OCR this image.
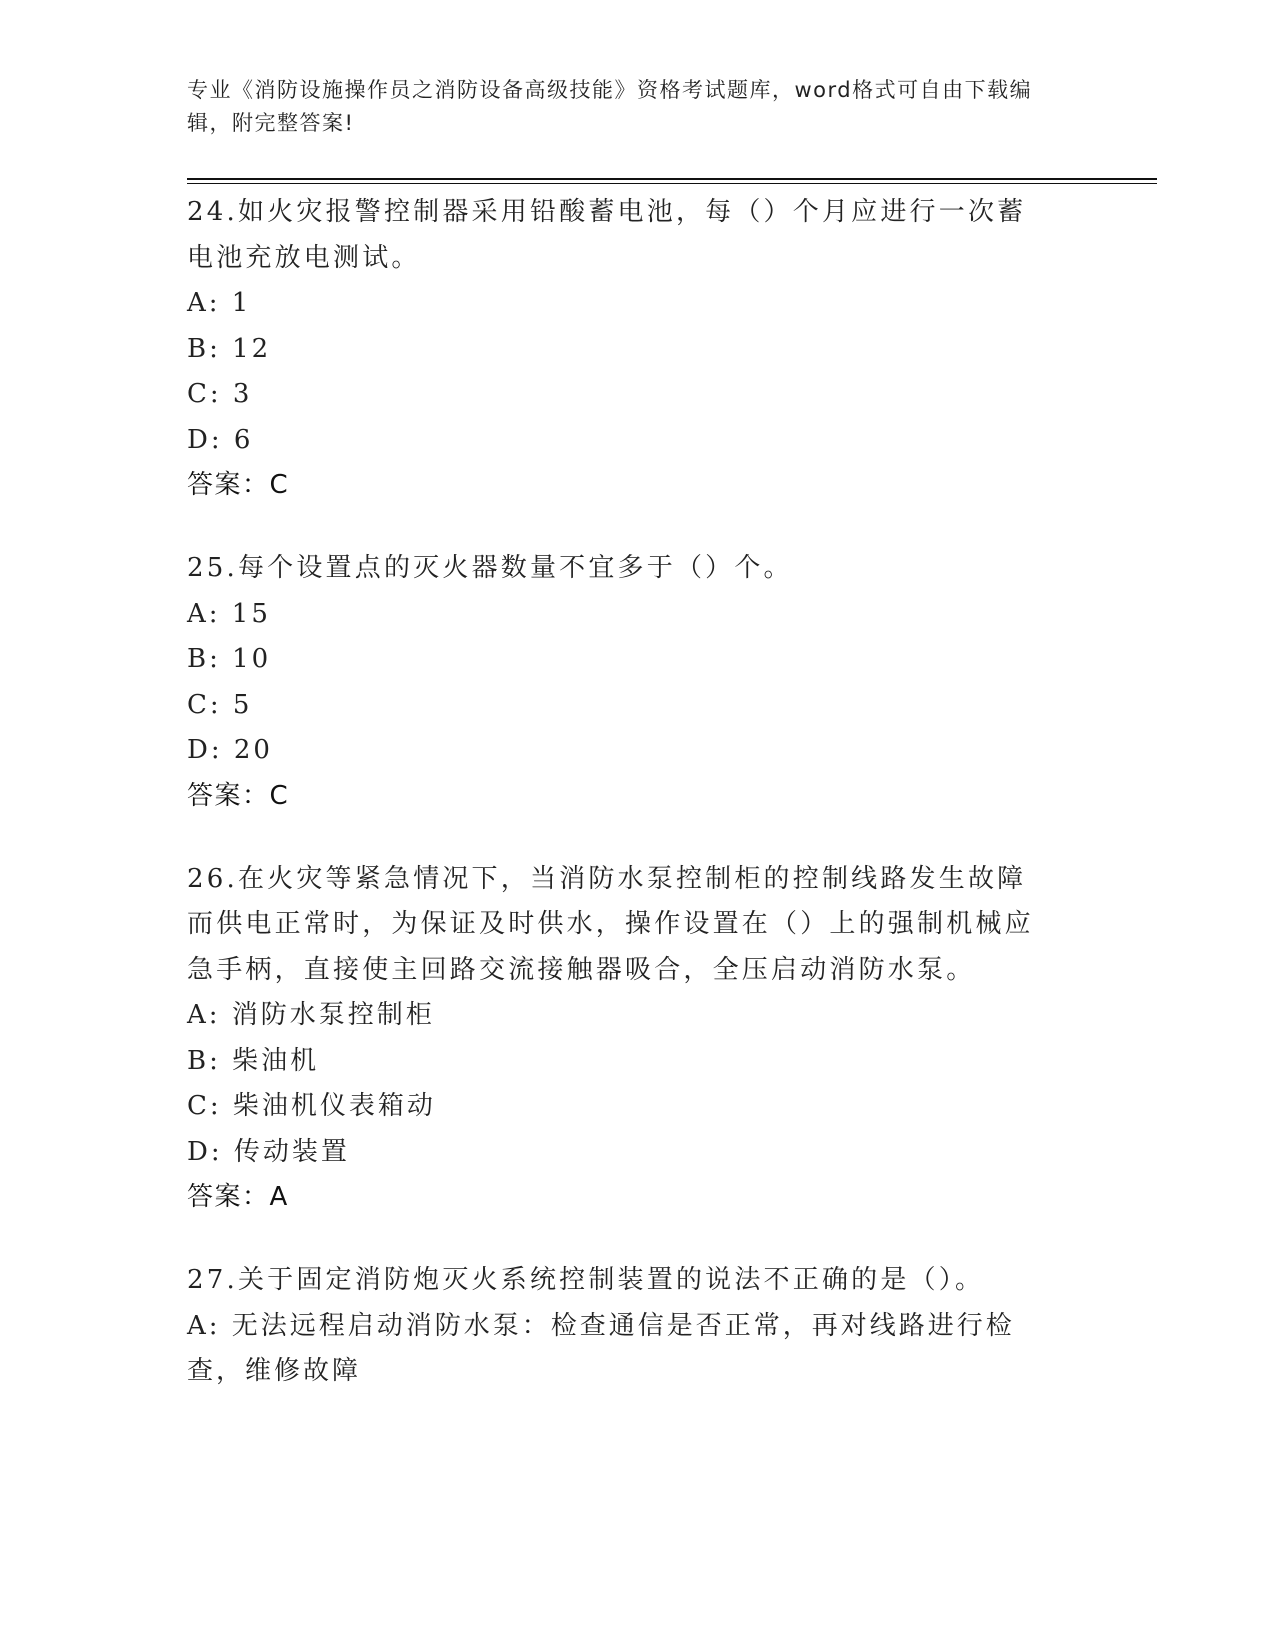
专业《消防设施操作员之消防设备高级技能》资格考试题库，word格式可自由下载编辑，附完整答案!
24.如火灾报警控制器采用铅酸蓄电池，每（）个月应进行一次蓄电池充放电测试。
A: 1
B: 12
C: 3
D: 6
答案：C
25.每个设置点的灭火器数量不宜多于（）个。
A: 15
B: 10
C: 5
D: 20
答案：C
26.在火灾等紧急情况下，当消防水泵控制柜的控制线路发生故障而供电正常时，为保证及时供水，操作设置在（）上的强制机械应急手柄，直接使主回路交流接触器吸合，全压启动消防水泵。
A: 消防水泵控制柜
B: 柴油机
C: 柴油机仪表箱动
D: 传动装置
答案：A
27.关于固定消防炮灭火系统控制装置的说法不正确的是（）。
A: 无法远程启动消防水泵：检查通信是否正常，再对线路进行检查，维修故障
